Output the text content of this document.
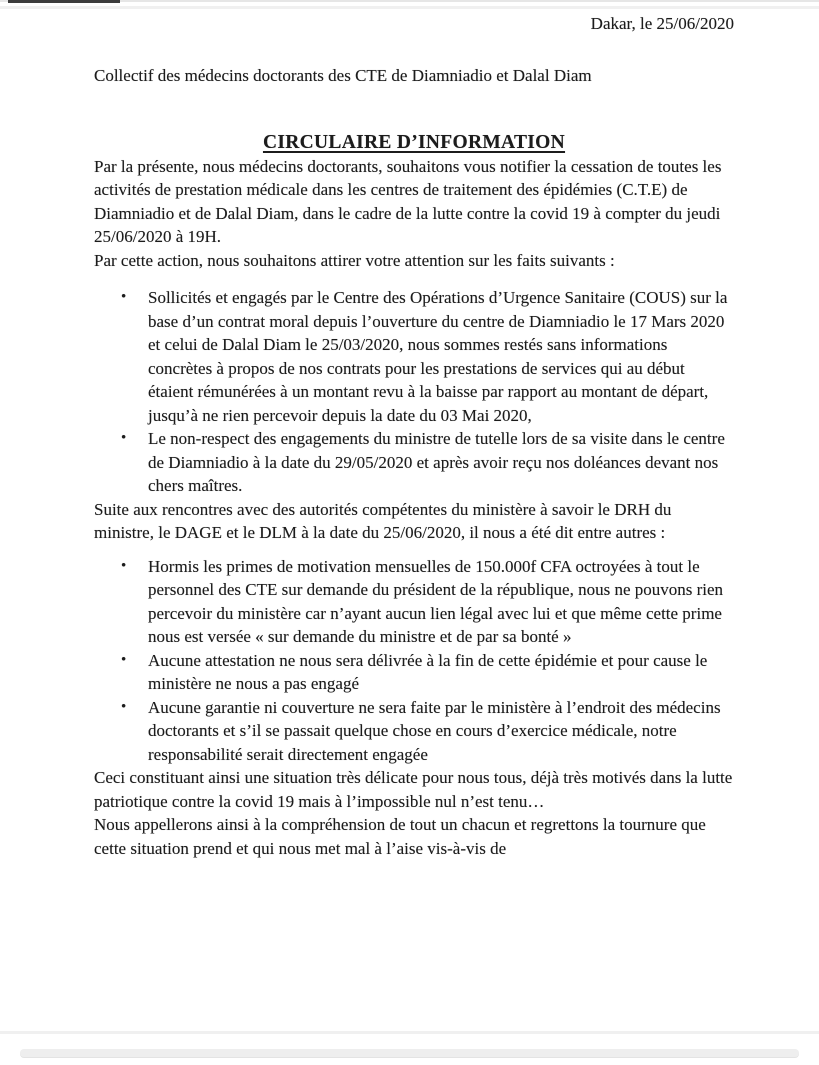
Dakar, le 25/06/2020
Collectif des médecins doctorants des CTE de Diamniadio et Dalal Diam
CIRCULAIRE D’INFORMATION

Par la présente, nous médecins doctorants, souhaitons vous notifier la cessation de toutes les activités de prestation médicale dans les centres de traitement des épidémies (C.T.E) de Diamniadio et de Dalal Diam, dans le cadre de la lutte contre la covid 19 à compter du jeudi 25/06/2020 à 19H.

Par cette action, nous souhaitons attirer votre attention sur les faits suivants :

•	Sollicités et engagés par le Centre des Opérations d’Urgence Sanitaire (COUS) sur la base d’un contrat moral depuis l’ouverture du centre de Diamniadio le 17 Mars 2020 et celui de Dalal Diam le 25/03/2020, nous sommes restés sans informations concrètes à propos de nos contrats pour les prestations de services qui au début étaient rémunérées à un montant revu à la baisse par rapport au montant de départ, jusqu’à ne rien percevoir depuis la date du 03 Mai 2020,
•	Le non-respect des engagements du ministre de tutelle lors de sa visite dans le centre de Diamniadio à la date du 29/05/2020 et après avoir reçu nos doléances devant nos chers maîtres.

Suite aux rencontres avec des autorités compétentes du ministère à savoir le DRH du ministre, le DAGE et le DLM à la date du 25/06/2020, il nous a été dit entre autres :

•	Hormis les primes de motivation mensuelles de 150.000f CFA octroyées à tout le personnel des CTE sur demande du président de la république, nous ne pouvons rien percevoir du ministère car n’ayant aucun lien légal avec lui et que même cette prime nous est versée « sur demande du ministre et de par sa bonté »
•	Aucune attestation ne nous sera délivrée à la fin de cette épidémie et pour cause le ministère ne nous a pas engagé
•	Aucune garantie ni couverture ne sera faite par le ministère à l’endroit des médecins doctorants et s’il se passait quelque chose en cours d’exercice médicale, notre responsabilité serait directement engagée

Ceci constituant ainsi une situation très délicate pour nous tous, déjà très motivés dans la lutte patriotique contre la covid 19 mais à l’impossible nul n’est tenu…

Nous appellerons ainsi à la compréhension de tout un chacun et regrettons la tournure que cette situation prend et qui nous met mal à l’aise vis-à-vis de
